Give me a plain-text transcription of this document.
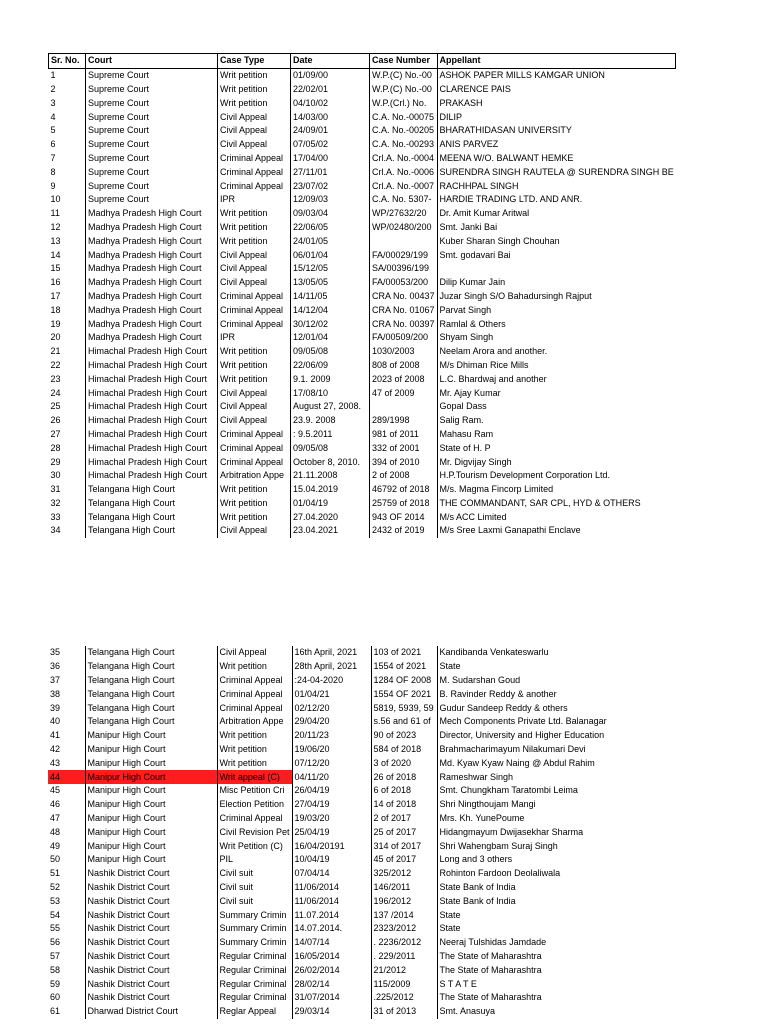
Sr. No.	Court	Case Type	Date	Case Number	Appellant
1	Supreme Court	Writ petition	01/09/00	W.P.(C) No.-00	ASHOK PAPER MILLS KAMGAR UNION
2	Supreme Court	Writ petition	22/02/01	W.P.(C) No.-00	CLARENCE PAIS
3	Supreme Court	Writ petition	04/10/02	W.P.(Crl.) No.	PRAKASH
4	Supreme Court	Civil Appeal	14/03/00	C.A. No.-00075	DILIP
5	Supreme Court	Civil Appeal	24/09/01	C.A. No.-00205	BHARATHIDASAN UNIVERSITY
6	Supreme Court	Civil Appeal	07/05/02	C.A. No.-00293	ANIS PARVEZ
7	Supreme Court	Criminal Appeal	17/04/00	Crl.A. No.-0004	MEENA W/O. BALWANT HEMKE
8	Supreme Court	Criminal Appeal	27/11/01	Crl.A. No.-0006	SURENDRA SINGH RAUTELA @ SURENDRA SINGH BE
9	Supreme Court	Criminal Appeal	23/07/02	Crl.A. No.-0007	RACHHPAL SINGH
10	Supreme Court	IPR	12/09/03	C.A. No. 5307-	HARDIE TRADING LTD. AND ANR.
11	Madhya Pradesh High Court	Writ petition	09/03/04	WP/27632/20	Dr. Amit Kumar Aritwal
12	Madhya Pradesh High Court	Writ petition	22/06/05	WP/02480/200	Smt. Janki Bai
13	Madhya Pradesh High Court	Writ petition	24/01/05		Kuber Sharan Singh Chouhan
14	Madhya Pradesh High Court	Civil Appeal	06/01/04	FA/00029/199	Smt. godavari Bai
15	Madhya Pradesh High Court	Civil Appeal	15/12/05	SA/00396/199	
16	Madhya Pradesh High Court	Civil Appeal	13/05/05	FA/00053/200	Dilip Kumar Jain
17	Madhya Pradesh High Court	Criminal Appeal	14/11/05	CRA No. 00437	Juzar Singh S/O Bahadursingh Rajput
18	Madhya Pradesh High Court	Criminal Appeal	14/12/04	CRA No. 01067	Parvat Singh
19	Madhya Pradesh High Court	Criminal Appeal	30/12/02	CRA No. 00397	Ramlal & Others
20	Madhya Pradesh High Court	IPR	12/01/04	FA/00509/200	Shyam Singh
21	Himachal Pradesh High Court	Writ petition	09/05/08	1030/2003	Neelam Arora and another.
22	Himachal Pradesh High Court	Writ petition	22/06/09	808 of 2008	M/s Dhiman Rice Mills
23	Himachal Pradesh High Court	Writ petition	9.1. 2009	2023 of 2008	L.C. Bhardwaj and another
24	Himachal Pradesh High Court	Civil Appeal	17/08/10	47 of 2009	Mr. Ajay Kumar
25	Himachal Pradesh High Court	Civil Appeal	August 27, 2008.		Gopal Dass
26	Himachal Pradesh High Court	Civil Appeal	23.9. 2008	289/1998	Salig Ram.
27	Himachal Pradesh High Court	Criminal Appeal	: 9.5.2011	981 of 2011	Mahasu Ram
28	Himachal Pradesh High Court	Criminal Appeal	09/05/08	332 of 2001	State of H. P
29	Himachal Pradesh High Court	Criminal Appeal	October 8, 2010.	394 of 2010	Mr. Digvijay Singh
30	Himachal Pradesh High Court	Arbitration Appe	21.11.2008	2 of 2008	H.P.Tourism Development Corporation Ltd.
31	Telangana High Court	Writ petition	15.04.2019	46792 of 2018	M/s. Magma Fincorp Limited
32	Telangana High Court	Writ petition	01/04/19	25759 of 2018	THE COMMANDANT, SAR CPL, HYD & OTHERS
33	Telangana High Court	Writ petition	27.04.2020	943 OF 2014	M/s ACC Limited
34	Telangana High Court	Civil Appeal	23.04.2021	2432 of 2019	M/s Sree Laxmi Ganapathi Enclave
35	Telangana High Court	Civil Appeal	16th April, 2021	103 of 2021	Kandibanda Venkateswarlu
36	Telangana High Court	Writ petition	28th April, 2021	1554 of 2021	State
37	Telangana High Court	Criminal Appeal	:24-04-2020	1284 OF 2008	M. Sudarshan Goud
38	Telangana High Court	Criminal Appeal	01/04/21	1554 OF 2021	B. Ravinder Reddy & another
39	Telangana High Court	Criminal Appeal	02/12/20	5819, 5939, 59	Gudur Sandeep Reddy & others
40	Telangana High Court	Arbitration Appe	29/04/20	s.56 and 61 of	Mech Components Private Ltd. Balanagar
41	Manipur High Court	Writ petition	20/11/23	90 of 2023	Director, University and Higher Education
42	Manipur High Court	Writ petition	19/06/20	584 of 2018	Brahmacharimayum Nilakumari Devi
43	Manipur High Court	Writ petition	07/12/20	3 of 2020	Md. Kyaw Kyaw Naing @ Abdul Rahim
44	Manipur High Court	Writ appeal (C)	04/11/20	26 of 2018	Rameshwar Singh
45	Manipur High Court	Misc Petition Cri	26/04/19	6 of 2018	Smt. Chungkham Taratombi Leima
46	Manipur High Court	Election Petition	27/04/19	14 of 2018	Shri Ningthoujam Mangi
47	Manipur High Court	Criminal Appeal	19/03/20	2 of 2017	Mrs. Kh. YunePoume
48	Manipur High Court	Civil Revision Pet	25/04/19	25 of 2017	Hidangmayum Dwijasekhar Sharma
49	Manipur High Court	Writ Petition (C)	16/04/20191	314 of 2017	Shri Wahengbam Suraj Singh
50	Manipur High Court	PIL	10/04/19	45 of 2017	Long and 3 others
51	Nashik District Court	Civil suit	07/04/14	325/2012	Rohinton Fardoon Deolaliwala
52	Nashik District Court	Civil suit	11/06/2014	146/2011	State Bank of India
53	Nashik District Court	Civil suit	11/06/2014	196/2012	State Bank of India
54	Nashik District Court	Summary Crimin	11.07.2014	137 /2014	State
55	Nashik District Court	Summary Crimin	14.07.2014.	2323/2012	State
56	Nashik District Court	Summary Crimin	14/07/14	. 2236/2012	Neeraj Tulshidas Jamdade
57	Nashik District Court	Regular Criminal	16/05/2014	. 229/2011	The State of Maharashtra
58	Nashik District Court	Regular Criminal	26/02/2014	21/2012	The State of Maharashtra
59	Nashik District Court	Regular Criminal	28/02/14	115/2009	S T A T E
60	Nashik District Court	Regular Criminal	31/07/2014	.225/2012	The State of Maharashtra
61	Dharwad District Court	Reglar Appeal	29/03/14	31 of 2013	Smt. Anasuya
